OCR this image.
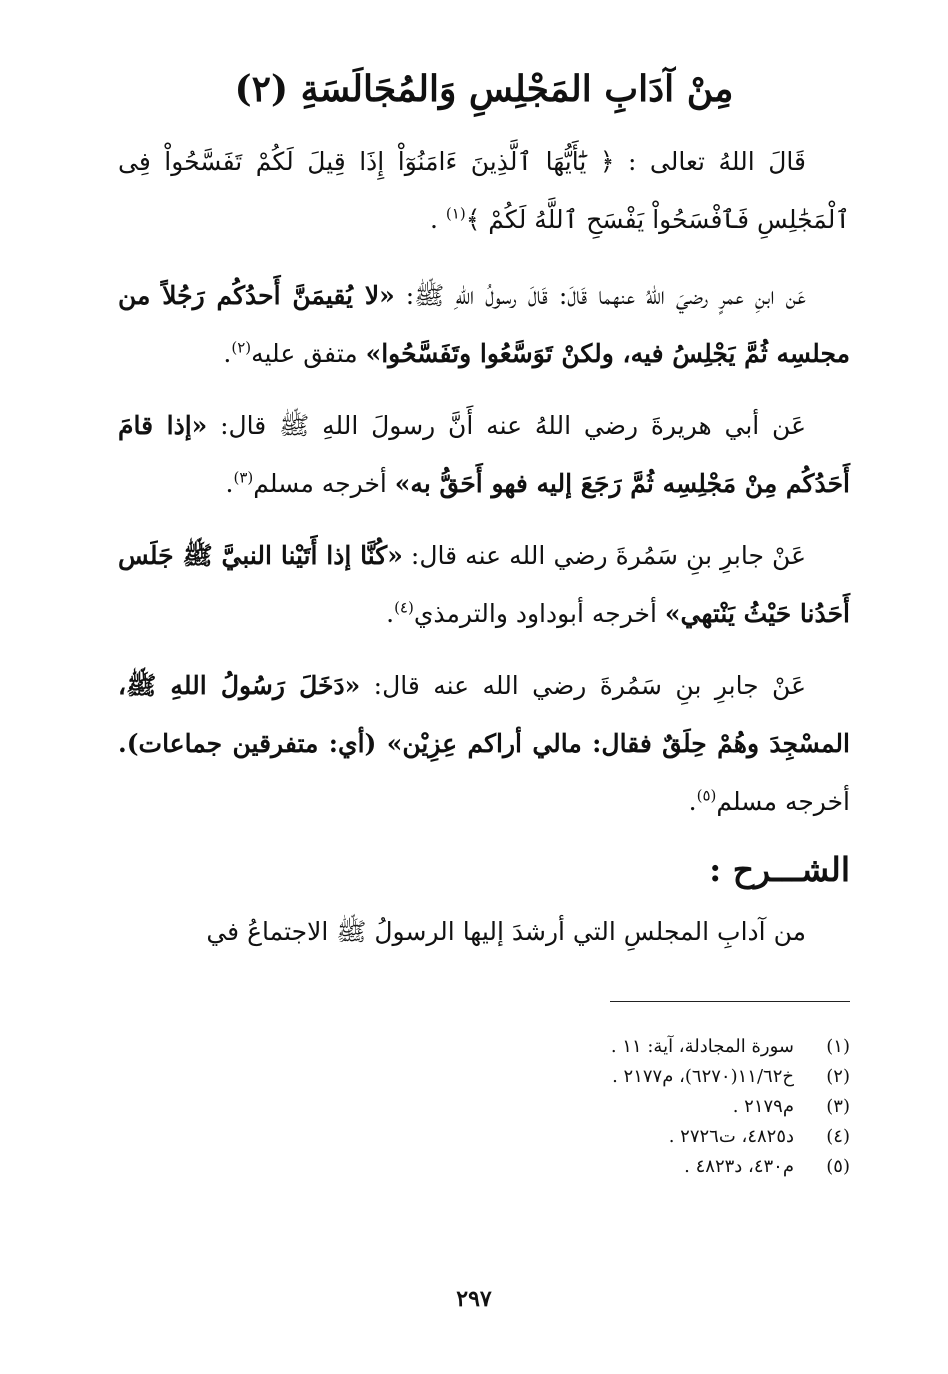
مِنْ آدَابِ المَجْلِسِ وَالمُجَالَسَةِ (٢)

قَالَ اللهُ تعالى : ﴿ يَٰٓأَيُّهَا ٱلَّذِينَ ءَامَنُوٓاْ إِذَا قِيلَ لَكُمْ تَفَسَّحُواْ فِى ٱلْمَجَٰلِسِ فَٱفْسَحُواْ يَفْسَحِ ٱللَّهُ لَكُمْ ﴾$^{(١)}$ .

عَن ابنِ عمرٍ رضيَ اللهُ عنهما قَالَ: قَالَ رسولُ اللهِ ﷺ: «لا يُقيمَنَّ أَحدُكُم رَجُلاً من مجلسِه ثُمَّ يَجْلِسُ فيه، ولكنْ تَوَسَّعُوا وتَفَسَّحُوا» متفق عليه$^{(٢)}$.

عَن أبي هريرةَ رضي اللهُ عنه أَنَّ رسولَ اللهِ ﷺ قال: «إذا قامَ أَحَدُكُم مِنْ مَجْلِسِه ثُمَّ رَجَعَ إليه فهو أَحَقُّ به» أخرجه مسلم$^{(٣)}$.

عَنْ جابرِ بنِ سَمُرةَ رضي الله عنه قال: «كُنَّا إذا أَتَيْنا النبيَّ ﷺ جَلَس أَحَدُنا حَيْثُ يَنْتهي» أخرجه أبوداود والترمذي$^{(٤)}$.

عَنْ جابرِ بنِ سَمُرةَ رضي الله عنه قال: «دَخَلَ رَسُولُ اللهِ ﷺ، المسْجِدَ وهُمْ حِلَقٌ فقال: مالي أراكم عِزِيْن» (أي: متفرقين جماعات). أخرجه مسلم$^{(٥)}$.

الشـــرح :

من آدابِ المجلسِ التي أرشدَ إليها الرسولُ ﷺ الاجتماعُ في

(١)
سورة المجادلة، آية: ١١ .
(٢)
خ١١/٦٢(٦٢٧٠)، م٢١٧٧ .
(٣)
م٢١٧٩ .
(٤)
د٤٨٢٥، ت٢٧٢٦ .
(٥)
م٤٣٠، د٤٨٢٣ .
٢٩٧
